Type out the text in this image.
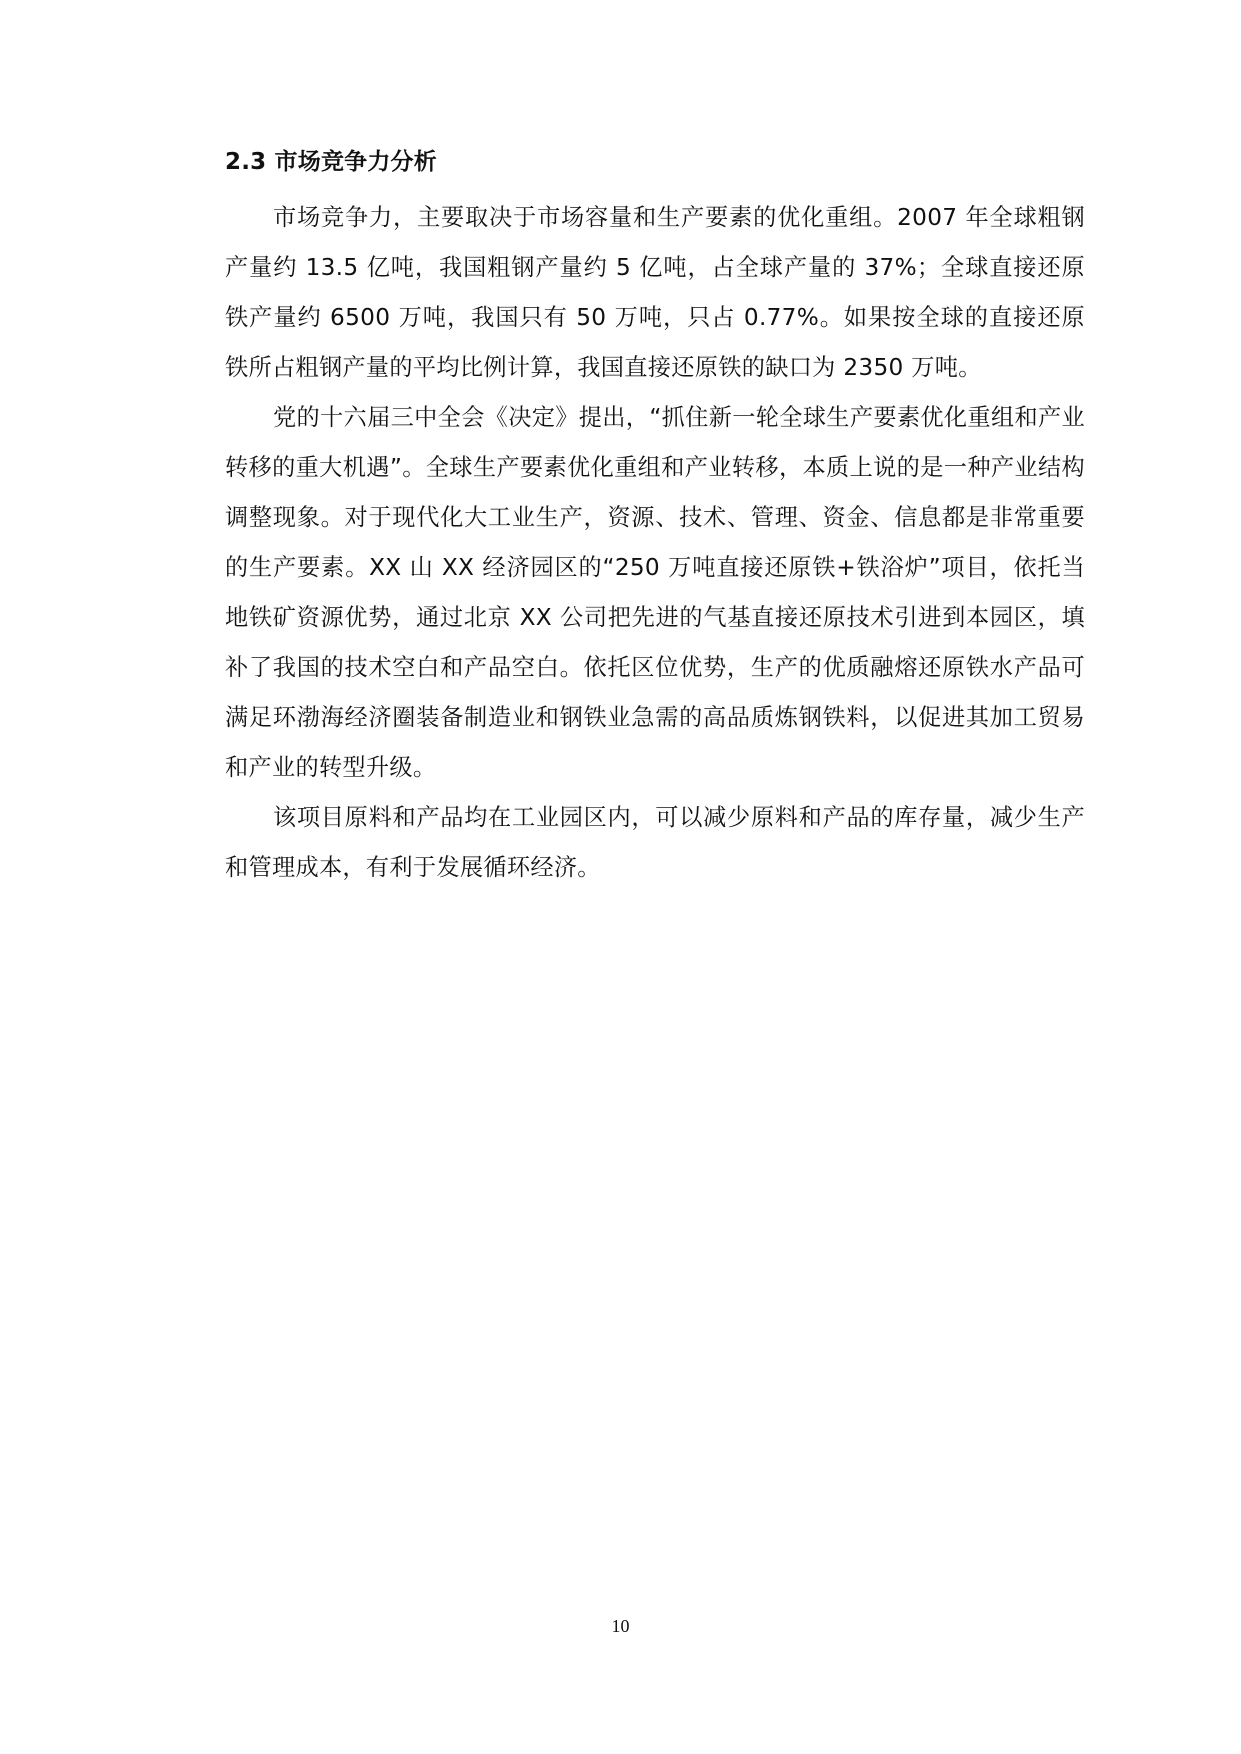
2.3 市场竞争力分析

市场竞争力，主要取决于市场容量和生产要素的优化重组。2007 年全球粗钢产量约 13.5 亿吨，我国粗钢产量约 5 亿吨，占全球产量的 37%；全球直接还原铁产量约 6500 万吨，我国只有 50 万吨，只占 0.77%。如果按全球的直接还原铁所占粗钢产量的平均比例计算，我国直接还原铁的缺口为 2350 万吨。

党的十六届三中全会《决定》提出，“抓住新一轮全球生产要素优化重组和产业转移的重大机遇”。全球生产要素优化重组和产业转移，本质上说的是一种产业结构调整现象。对于现代化大工业生产，资源、技术、管理、资金、信息都是非常重要的生产要素。XX 山 XX 经济园区的“250 万吨直接还原铁+铁浴炉”项目，依托当地铁矿资源优势，通过北京 XX 公司把先进的气基直接还原技术引进到本园区，填补了我国的技术空白和产品空白。依托区位优势，生产的优质融熔还原铁水产品可满足环渤海经济圈装备制造业和钢铁业急需的高品质炼钢铁料，以促进其加工贸易和产业的转型升级。

该项目原料和产品均在工业园区内，可以减少原料和产品的库存量，减少生产和管理成本，有利于发展循环经济。

10
